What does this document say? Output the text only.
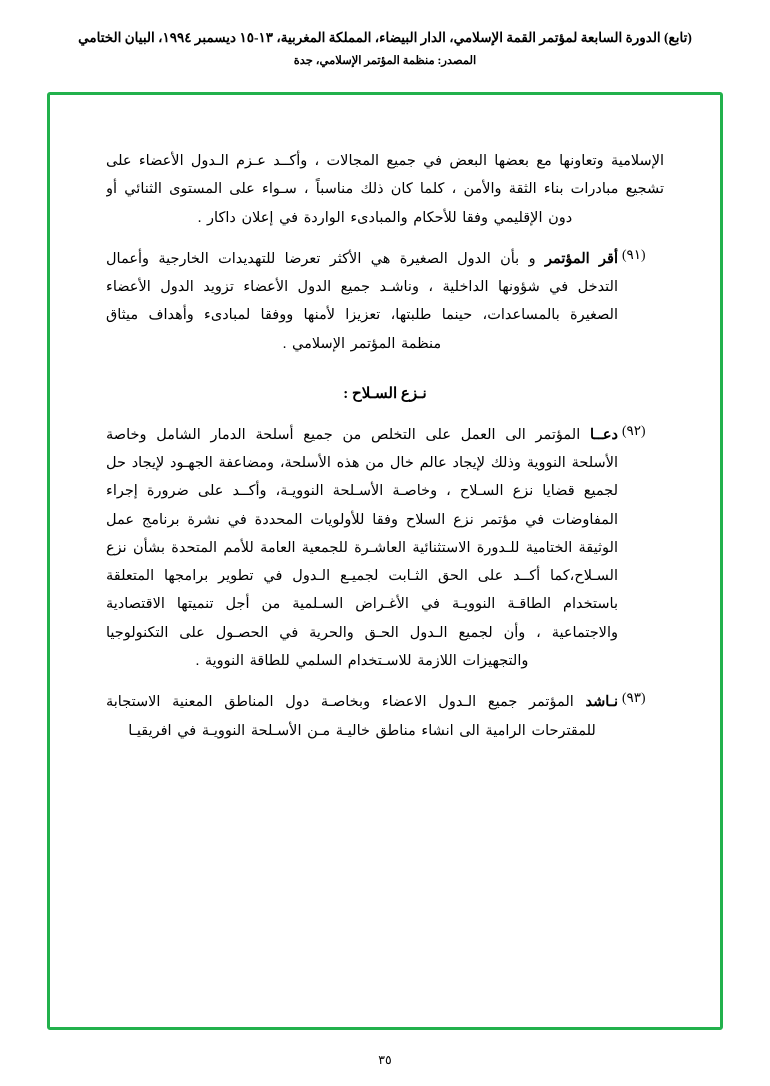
(تابع) الدورة السابعة لمؤتمر القمة الإسلامي، الدار البيضاء، المملكة المغربية، ١٣-١٥ ديسمبر ١٩٩٤، البيان الختامي
المصدر: منظمة المؤتمر الإسلامي، جدة
الإسلامية وتعاونها مع بعضها البعض في جميع المجالات ، وأكــد عـزم الـدول الأعضاء على تشجيع مبادرات بناء الثقة والأمن ، كلما كان ذلك مناسباً ، سـواء على المستوى الثنائي أو دون الإقليمي وفقا للأحكام والمبادىء الواردة في إعلان داكار .
(٩١)
أقر المؤتمر و بأن الدول الصغيرة هي الأكثر تعرضا للتهديدات الخارجية وأعمال التدخل في شؤونها الداخلية ، وناشـد جميع الدول الأعضاء تزويد الدول الأعضاء الصغيرة بالمساعدات، حينما طلبتها، تعزيزا لأمنها ووفقا لمبادىء وأهداف ميثاق منظمة المؤتمر الإسلامي .
نـزع السـلاح :
(٩٢)
دعــا المؤتمر الى العمل على التخلص من جميع أسلحة الدمار الشامل وخاصة الأسلحة النووية وذلك لإيجاد عالم خال من هذه الأسلحة، ومضاعفة الجهـود لإيجاد حل لجميع قضايا نزع السـلاح ، وخاصـة الأسـلحة النوويـة، وأكــد على ضرورة إجراء المفاوضات في مؤتمر نزع السلاح وفقا للأولويات المحددة في نشرة برنامج عمل الوثيقة الختامية للـدورة الاستثنائية العاشـرة للجمعية العامة للأمم المتحدة بشأن نزع السـلاح،كما أكــد على الحق الثـابت لجميـع الـدول في تطوير برامجها المتعلقة باستخدام الطاقـة النوويـة في الأغـراض السـلمية من أجل تنميتها الاقتصادية والاجتماعية ، وأن لجميع الـدول الحـق والحرية في الحصـول على التكنولوجيا والتجهيزات اللازمة للاسـتخدام السلمي للطاقة النووية .
(٩٣)
نـاشد المؤتمر جميع الـدول الاعضاء وبخاصـة دول المناطق المعنية الاستجابة للمقترحات الرامية الى انشاء مناطق خاليـة مـن الأسـلحة النوويـة في افريقيـا
٣٥
